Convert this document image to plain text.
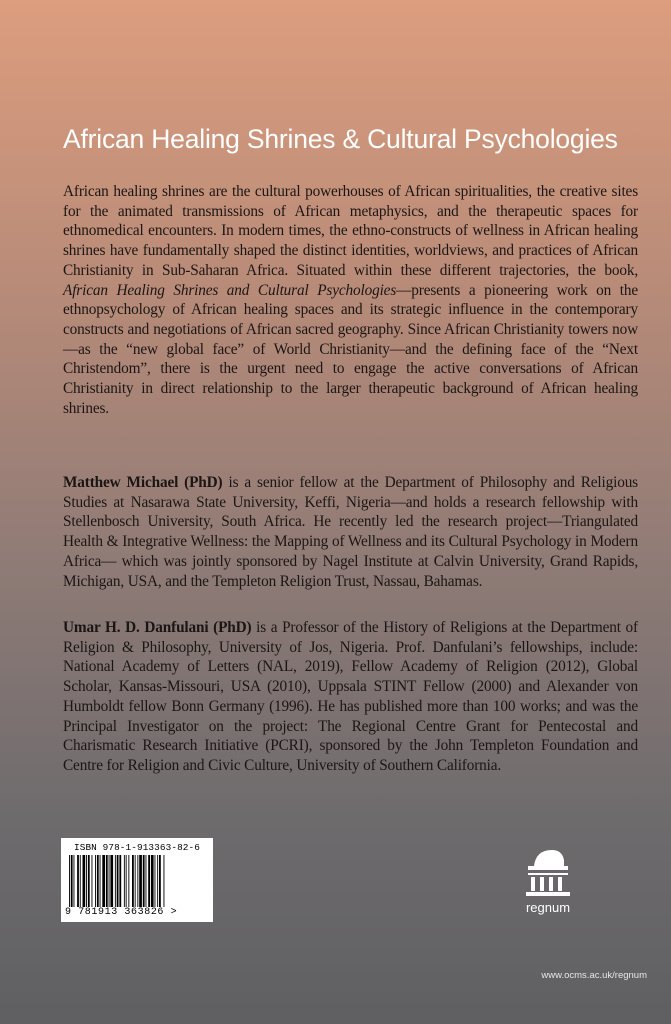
African Healing Shrines & Cultural Psychologies

African healing shrines are the cultural powerhouses of African spiritualities, the creative sites for the animated transmissions of African metaphysics, and the therapeutic spaces for ethnomedical encounters. In modern times, the ethno-constructs of wellness in African healing shrines have fundamentally shaped the distinct identities, worldviews, and practices of African Christianity in Sub-Saharan Africa. Situated within these different trajectories, the book, African Healing Shrines and Cultural Psychologies—presents a pioneering work on the ethnopsychology of African healing spaces and its strategic influence in the contemporary constructs and negotiations of African sacred geography. Since African Christianity towers now—as the “new global face” of World Christianity—and the defining face of the “Next Christendom”, there is the urgent need to engage the active conversations of African Christianity in direct relationship to the larger therapeutic background of African healing shrines.

Matthew Michael (PhD) is a senior fellow at the Department of Philosophy and Religious Studies at Nasarawa State University, Keffi, Nigeria—and holds a research fellowship with Stellenbosch University, South Africa. He recently led the research project—Triangulated Health & Integrative Wellness: the Mapping of Wellness and its Cultural Psychology in Modern Africa— which was jointly sponsored by Nagel Institute at Calvin University, Grand Rapids, Michigan, USA, and the Templeton Religion Trust, Nassau, Bahamas.

Umar H. D. Danfulani (PhD) is a Professor of the History of Religions at the Department of Religion & Philosophy, University of Jos, Nigeria. Prof. Danfulani’s fellowships, include: National Academy of Letters (NAL, 2019), Fellow Academy of Religion (2012), Global Scholar, Kansas-Missouri, USA (2010), Uppsala STINT Fellow (2000) and Alexander von Humboldt fellow Bonn Germany (1996). He has published more than 100 works; and was the Principal Investigator on the project: The Regional Centre Grant for Pentecostal and Charismatic Research Initiative (PCRI), sponsored by the John Templeton Foundation and Centre for Religion and Civic Culture, University of Southern California.

ISBN 978-1-913363-82-6
9 781913 363826 >	regnum
www.ocms.ac.uk/regnum
